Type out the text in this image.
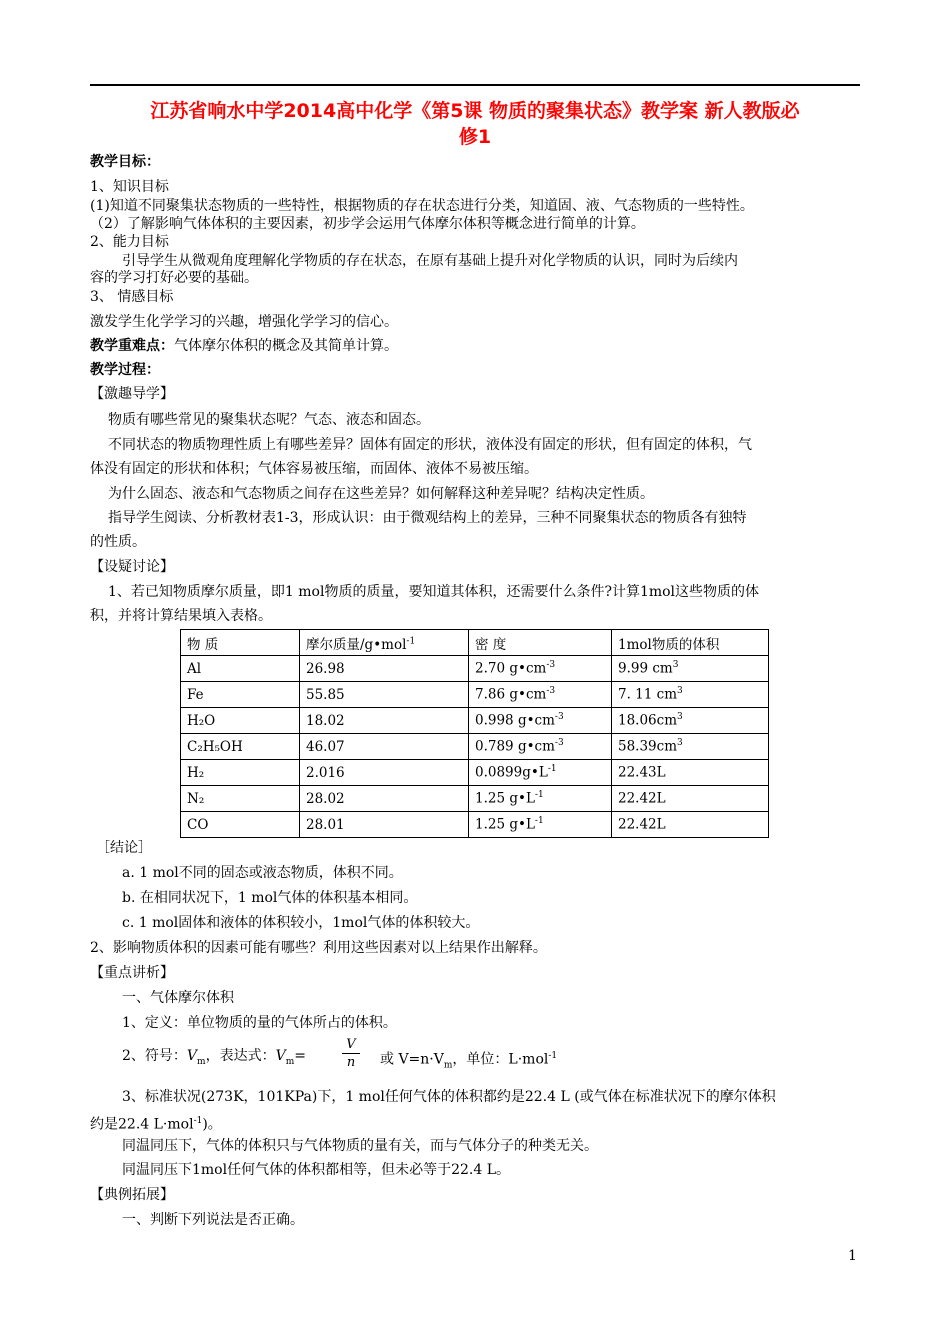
江苏省响水中学2014高中化学《第5课 物质的聚集状态》教学案 新人教版必
修1
教学目标：
1、知识目标
(1)知道不同聚集状态物质的一些特性，根据物质的存在状态进行分类，知道固、液、气态物质的一些特性。
（2）了解影响气体体积的主要因素，初步学会运用气体摩尔体积等概念进行简单的计算。
2、能力目标
引导学生从微观角度理解化学物质的存在状态，在原有基础上提升对化学物质的认识，同时为后续内
容的学习打好必要的基础。
3、 情感目标
激发学生化学学习的兴趣，增强化学学习的信心。
教学重难点：气体摩尔体积的概念及其简单计算。
教学过程：
【激趣导学】
物质有哪些常见的聚集状态呢？气态、液态和固态。
不同状态的物质物理性质上有哪些差异？固体有固定的形状，液体没有固定的形状，但有固定的体积，气
体没有固定的形状和体积；气体容易被压缩，而固体、液体不易被压缩。
为什么固态、液态和气态物质之间存在这些差异？如何解释这种差异呢？结构决定性质。
指导学生阅读、分析教材表1-3，形成认识：由于微观结构上的差异，三种不同聚集状态的物质各有独特
的性质。
【设疑讨论】
1、若已知物质摩尔质量，即1 mol物质的质量，要知道其体积，还需要什么条件?计算1mol这些物质的体
积，并将计算结果填入表格。
物 质	摩尔质量/g•mol$^{-1}$	密 度	1mol物质的体积
Al	26.98	2.70 $g•cm^{-3}$	9.99 $cm^3$
Fe	55.85	7.86 $g•cm^{-3}$	7. 11 $cm^3$
H₂O	18.02	0.998 $g•cm^{-3}$	$18.06cm^3$
C₂H₅OH	46.07	0.789 $g•cm^{-3}$	$58.39cm^3$
H₂	2.016	$0.0899g•L^{-1}$	22.43L
N₂	28.02	1.25 $g•L^{-1}$	22.42L
CO	28.01	1.25 $g•L^{-1}$	22.42L
［结论］
a. 1 mol不同的固态或液态物质，体积不同。
b. 在相同状况下，1 mol气体的体积基本相同。
c. 1 mol固体和液体的体积较小，1mol气体的体积较大。
2、影响物质体积的因素可能有哪些？利用这些因素对以上结果作出解释。
【重点讲析】
一、气体摩尔体积
1、定义：单位物质的量的气体所占的体积。
2、符号：$V_m$，表达式：$V_m=$	$\frac{V}{n}$ 或 $V=n\cdot V_m$，单位：L·mol$^{-1}$
3、标准状况(273K，101KPa)下，1 mol任何气体的体积都约是22.4 L (或气体在标准状况下的摩尔体积
约是22.4 L·mol$^{-1}$)。
同温同压下，气体的体积只与气体物质的量有关，而与气体分子的种类无关。
同温同压下1mol任何气体的体积都相等，但未必等于22.4 L。
【典例拓展】
一、判断下列说法是否正确。
1
